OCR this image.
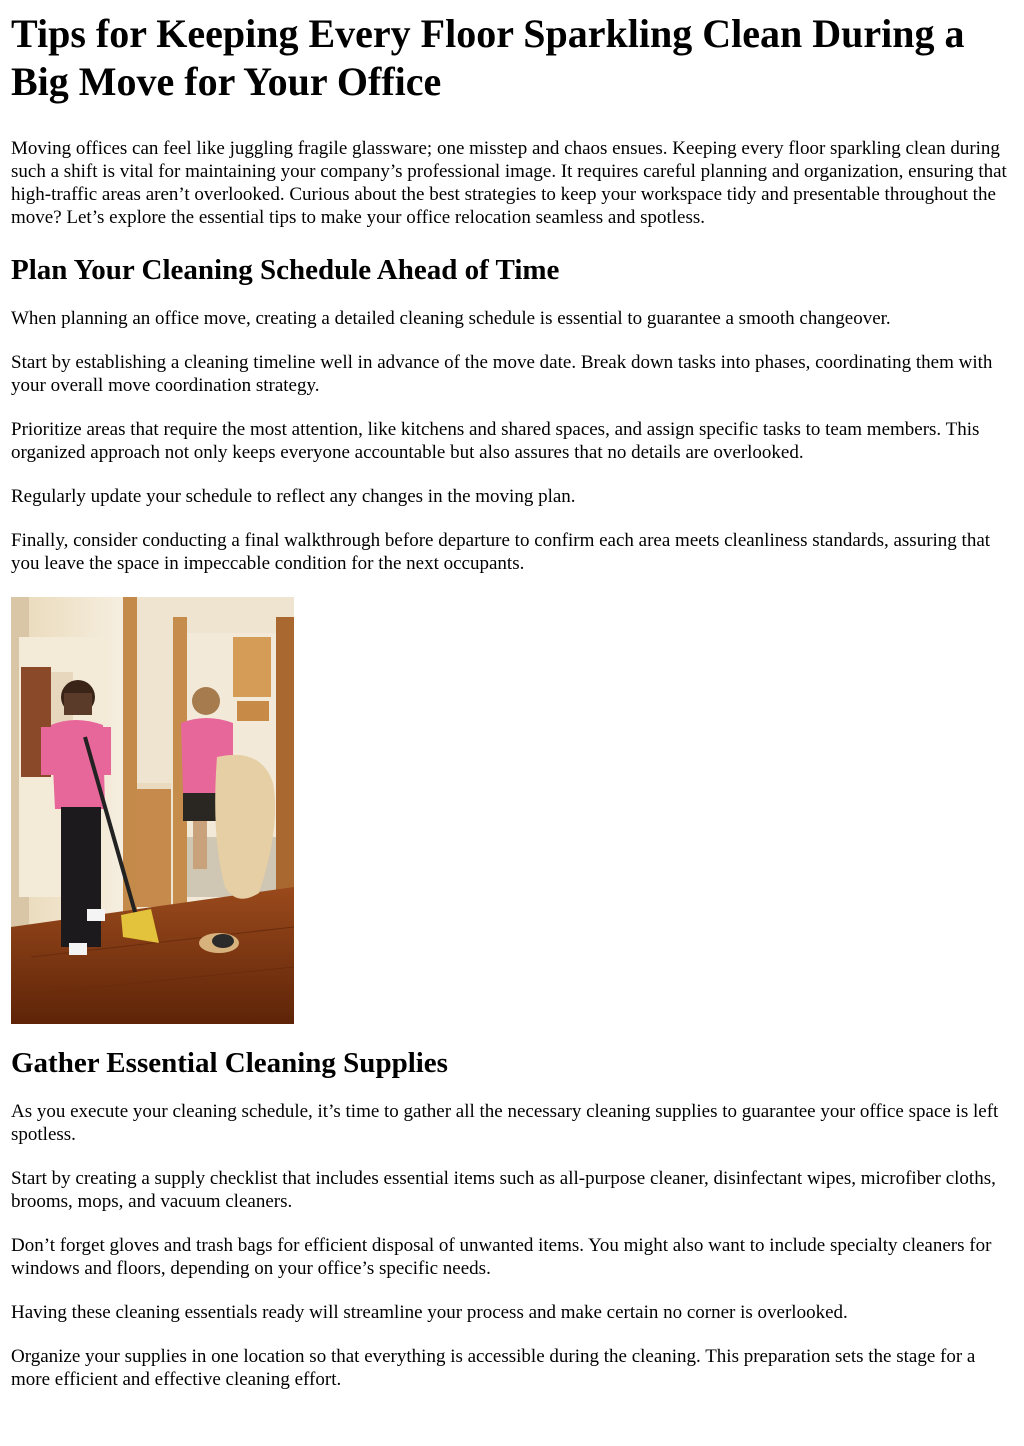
Tips for Keeping Every Floor Sparkling Clean During a Big Move for Your Office

Moving offices can feel like juggling fragile glassware; one misstep and chaos ensues. Keeping every floor sparkling clean during such a shift is vital for maintaining your company’s professional image. It requires careful planning and organization, ensuring that high-traffic areas aren’t overlooked. Curious about the best strategies to keep your workspace tidy and presentable throughout the move? Let’s explore the essential tips to make your office relocation seamless and spotless.

Plan Your Cleaning Schedule Ahead of Time

When planning an office move, creating a detailed cleaning schedule is essential to guarantee a smooth changeover.

Start by establishing a cleaning timeline well in advance of the move date. Break down tasks into phases, coordinating them with your overall move coordination strategy.

Prioritize areas that require the most attention, like kitchens and shared spaces, and assign specific tasks to team members. This organized approach not only keeps everyone accountable but also assures that no details are overlooked.

Regularly update your schedule to reflect any changes in the moving plan.

Finally, consider conducting a final walkthrough before departure to confirm each area meets cleanliness standards, assuring that you leave the space in impeccable condition for the next occupants.

Gather Essential Cleaning Supplies

As you execute your cleaning schedule, it’s time to gather all the necessary cleaning supplies to guarantee your office space is left spotless.

Start by creating a supply checklist that includes essential items such as all-purpose cleaner, disinfectant wipes, microfiber cloths, brooms, mops, and vacuum cleaners.

Don’t forget gloves and trash bags for efficient disposal of unwanted items. You might also want to include specialty cleaners for windows and floors, depending on your office’s specific needs.

Having these cleaning essentials ready will streamline your process and make certain no corner is overlooked.

Organize your supplies in one location so that everything is accessible during the cleaning. This preparation sets the stage for a more efficient and effective cleaning effort.
